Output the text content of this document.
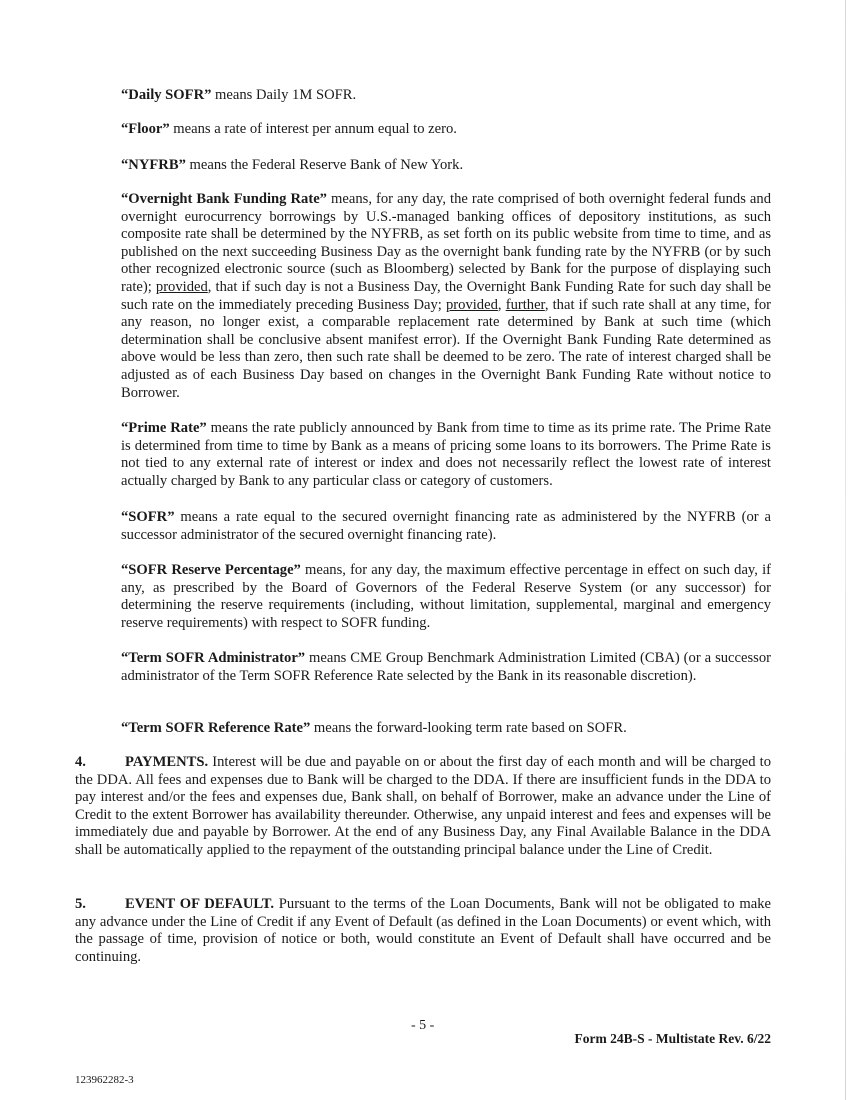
“Daily SOFR” means Daily 1M SOFR.

“Floor” means a rate of interest per annum equal to zero.

“NYFRB” means the Federal Reserve Bank of New York.

“Overnight Bank Funding Rate” means, for any day, the rate comprised of both overnight federal funds and overnight eurocurrency borrowings by U.S.-managed banking offices of depository institutions, as such composite rate shall be determined by the NYFRB, as set forth on its public website from time to time, and as published on the next succeeding Business Day as the overnight bank funding rate by the NYFRB (or by such other recognized electronic source (such as Bloomberg) selected by Bank for the purpose of displaying such rate); provided, that if such day is not a Business Day, the Overnight Bank Funding Rate for such day shall be such rate on the immediately preceding Business Day; provided, further, that if such rate shall at any time, for any reason, no longer exist, a comparable replacement rate determined by Bank at such time (which determination shall be conclusive absent manifest error). If the Overnight Bank Funding Rate determined as above would be less than zero, then such rate shall be deemed to be zero. The rate of interest charged shall be adjusted as of each Business Day based on changes in the Overnight Bank Funding Rate without notice to Borrower.

“Prime Rate” means the rate publicly announced by Bank from time to time as its prime rate. The Prime Rate is determined from time to time by Bank as a means of pricing some loans to its borrowers. The Prime Rate is not tied to any external rate of interest or index and does not necessarily reflect the lowest rate of interest actually charged by Bank to any particular class or category of customers.

“SOFR” means a rate equal to the secured overnight financing rate as administered by the NYFRB (or a successor administrator of the secured overnight financing rate).

“SOFR Reserve Percentage” means, for any day, the maximum effective percentage in effect on such day, if any, as prescribed by the Board of Governors of the Federal Reserve System (or any successor) for determining the reserve requirements (including, without limitation, supplemental, marginal and emergency reserve requirements) with respect to SOFR funding.

“Term SOFR Administrator” means CME Group Benchmark Administration Limited (CBA) (or a successor administrator of the Term SOFR Reference Rate selected by the Bank in its reasonable discretion).

“Term SOFR Reference Rate” means the forward-looking term rate based on SOFR.

4.	PAYMENTS. Interest will be due and payable on or about the first day of each month and will be charged to the DDA. All fees and expenses due to Bank will be charged to the DDA. If there are insufficient funds in the DDA to pay interest and/or the fees and expenses due, Bank shall, on behalf of Borrower, make an advance under the Line of Credit to the extent Borrower has availability thereunder. Otherwise, any unpaid interest and fees and expenses will be immediately due and payable by Borrower. At the end of any Business Day, any Final Available Balance in the DDA shall be automatically applied to the repayment of the outstanding principal balance under the Line of Credit.

5.	EVENT OF DEFAULT. Pursuant to the terms of the Loan Documents, Bank will not be obligated to make any advance under the Line of Credit if any Event of Default (as defined in the Loan Documents) or event which, with the passage of time, provision of notice or both, would constitute an Event of Default shall have occurred and be continuing.

- 5 -
Form 24B-S - Multistate Rev. 6/22
123962282-3
